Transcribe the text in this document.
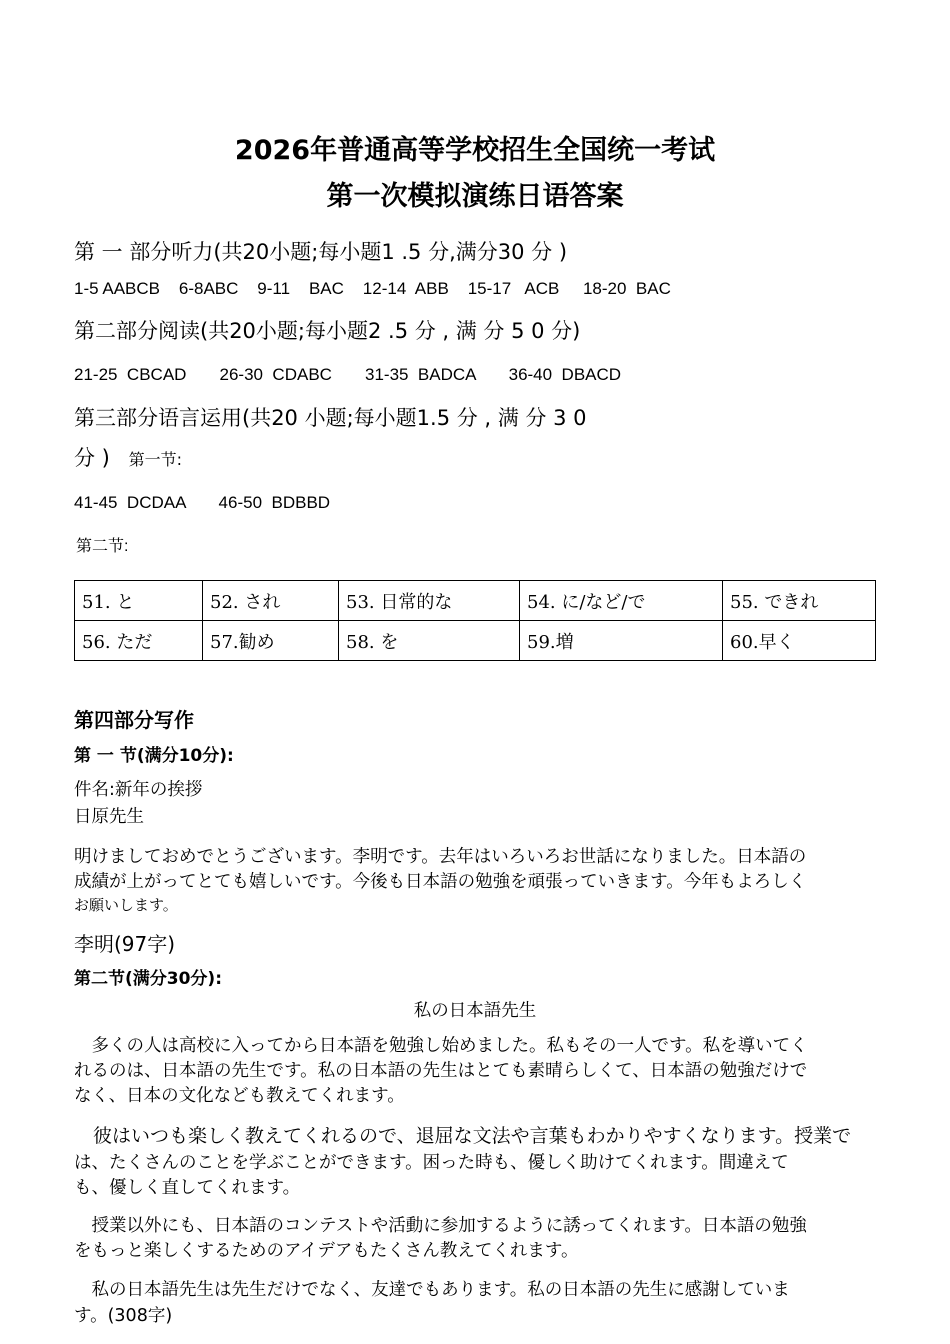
2026年普通高等学校招生全国统一考试
第一次模拟演练日语答案
第 一 部分听力(共20小题;每小题1 .5 分,满分30 分 )
1-5 AABCB    6-8ABC    9-11    BAC    12-14  ABB    15-17   ACB     18-20  BAC
第二部分阅读(共20小题;每小题2 .5 分 , 满 分 5 0 分)
21-25  CBCAD       26-30  CDABC       31-35  BADCA       36-40  DBACD
第三部分语言运用(共20 小题;每小题1.5 分 , 满 分 3 0
分 ) 第一节:
41-45  DCDAA       46-50  BDBBD
第二节:
51. と	52. され	53. 日常的な	54. に/など/で	55. できれ
56. ただ	57.勧め	58. を	59.増	60.早く
第四部分写作
第 一 节(满分10分):
件名:新年の挨拶
日原先生
明けましておめでとうございます。李明です。去年はいろいろお世話になりました。日本語の
成績が上がってとても嬉しいです。今後も日本語の勉強を頑張っていきます。今年もよろしく
お願いします。
李明(97字)
第二节(满分30分):
私の日本語先生
　多くの人は高校に入ってから日本語を勉強し始めました。私もその一人です。私を導いてく
れるのは、日本語の先生です。私の日本語の先生はとても素晴らしくて、日本語の勉強だけで
なく、日本の文化なども教えてくれます。
　彼はいつも楽しく教えてくれるので、退屈な文法や言葉もわかりやすくなります。授業で
は、たくさんのことを学ぶことができます。困った時も、優しく助けてくれます。間違えて
も、優しく直してくれます。
　授業以外にも、日本語のコンテストや活動に参加するように誘ってくれます。日本語の勉強
をもっと楽しくするためのアイデアもたくさん教えてくれます。
　私の日本語先生は先生だけでなく、友達でもあります。私の日本語の先生に感謝していま
す。(308字)
